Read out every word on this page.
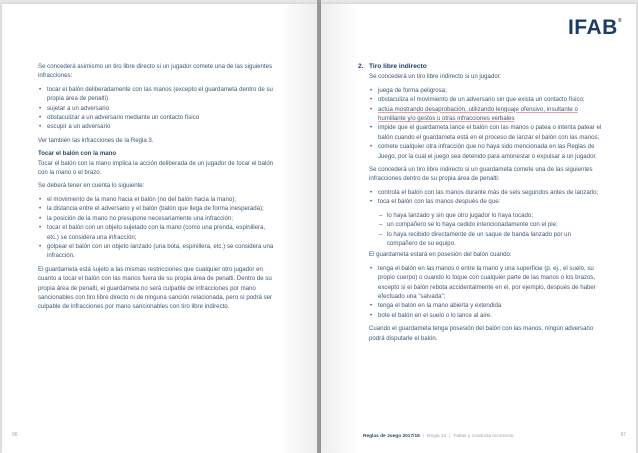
Se concederá asimismo un tiro libre directo si un jugador comete una de las siguientes infracciones:

• tocar el balón deliberadamente con las manos (excepto el guardameta dentro de su propia área de penalti)
• sujetar a un adversario
• obstaculizar a un adversario mediante un contacto físico
• escupir a un adversario

Ver también las infracciones de la Regla 3.

Tocar el balón con la mano

Tocar el balón con la mano implica la acción deliberada de un jugador de tocar el balón con la mano o el brazo.

Se deberá tener en cuenta lo siguiente:

• el movimiento de la mano hacia el balón (no del balón hacia la mano);
• la distancia entre el adversario y el balón (balón que llega de forma inesperada);
• la posición de la mano no presupone necesariamente una infracción;
• tocar el balón con un objeto sujetado con la mano (como una prenda, espinillera, etc.) se considera una infracción;
• golpear el balón con un objeto lanzado (una bota, espinillera, etc.) se considera una infracción.

El guardameta está sujeto a las mismas restricciones que cualquier otro jugador en cuanto a tocar el balón con las manos fuera de su propia área de penalti. Dentro de su propia área de penalti, el guardameta no será culpable de infracciones por mano sancionables con tiro libre directo ni de ninguna sanción relacionada, pero sí podrá ser culpable de infracciones por mano sancionables con tiro libre indirecto.

96
IFAB®
2. Tiro libre indirecto

Se concederá un tiro libre indirecto si un jugador:

• juega de forma peligrosa;
• obstaculiza el movimiento de un adversario sin que exista un contacto físico;
• actúa mostrando desaprobación, utilizando lenguaje ofensivo, insultante o humillante y/o gestos u otras infracciones verbales
• impide que el guardameta lance el balón con las manos o patea o intenta patear el balón cuando el guardameta está en el proceso de lanzar el balón con las manos;
• comete cualquier otra infracción que no haya sido mencionada en las Reglas de Juego, por la cual el juego sea detenido para amonestar o expulsar a un jugador.

Se concederá un tiro libre indirecto si un guardameta comete una de las siguientes infracciones dentro de su propia área de penalti:

• controla el balón con las manos durante más de seis segundos antes de lanzarlo;
• toca el balón con las manos después de que:
– lo haya lanzado y sin que otro jugador lo haya tocado;
– un compañero se lo haya cedido intencionadamente con el pie;
– lo haya recibido directamente de un saque de banda lanzado por un compañero de su equipo.

El guardameta estará en posesión del balón cuando:

• tenga el balón en las manos o entre la mano y una superficie (p. ej., el suelo, su propio cuerpo) o cuando lo toque con cualquier parte de las manos o los brazos, excepto si el balón rebota accidentalmente en él, por ejemplo, después de haber efectuado una "salvada";
• tenga el balón en la mano abierta y extendida
• bote el balón en el suelo o lo lance al aire.

Cuando el guardameta tenga posesión del balón con las manos, ningún adversario podrá disputarle el balón.

Reglas de Juego 2017/18 | Regla 12 | Faltas y conducta incorrecta	97
